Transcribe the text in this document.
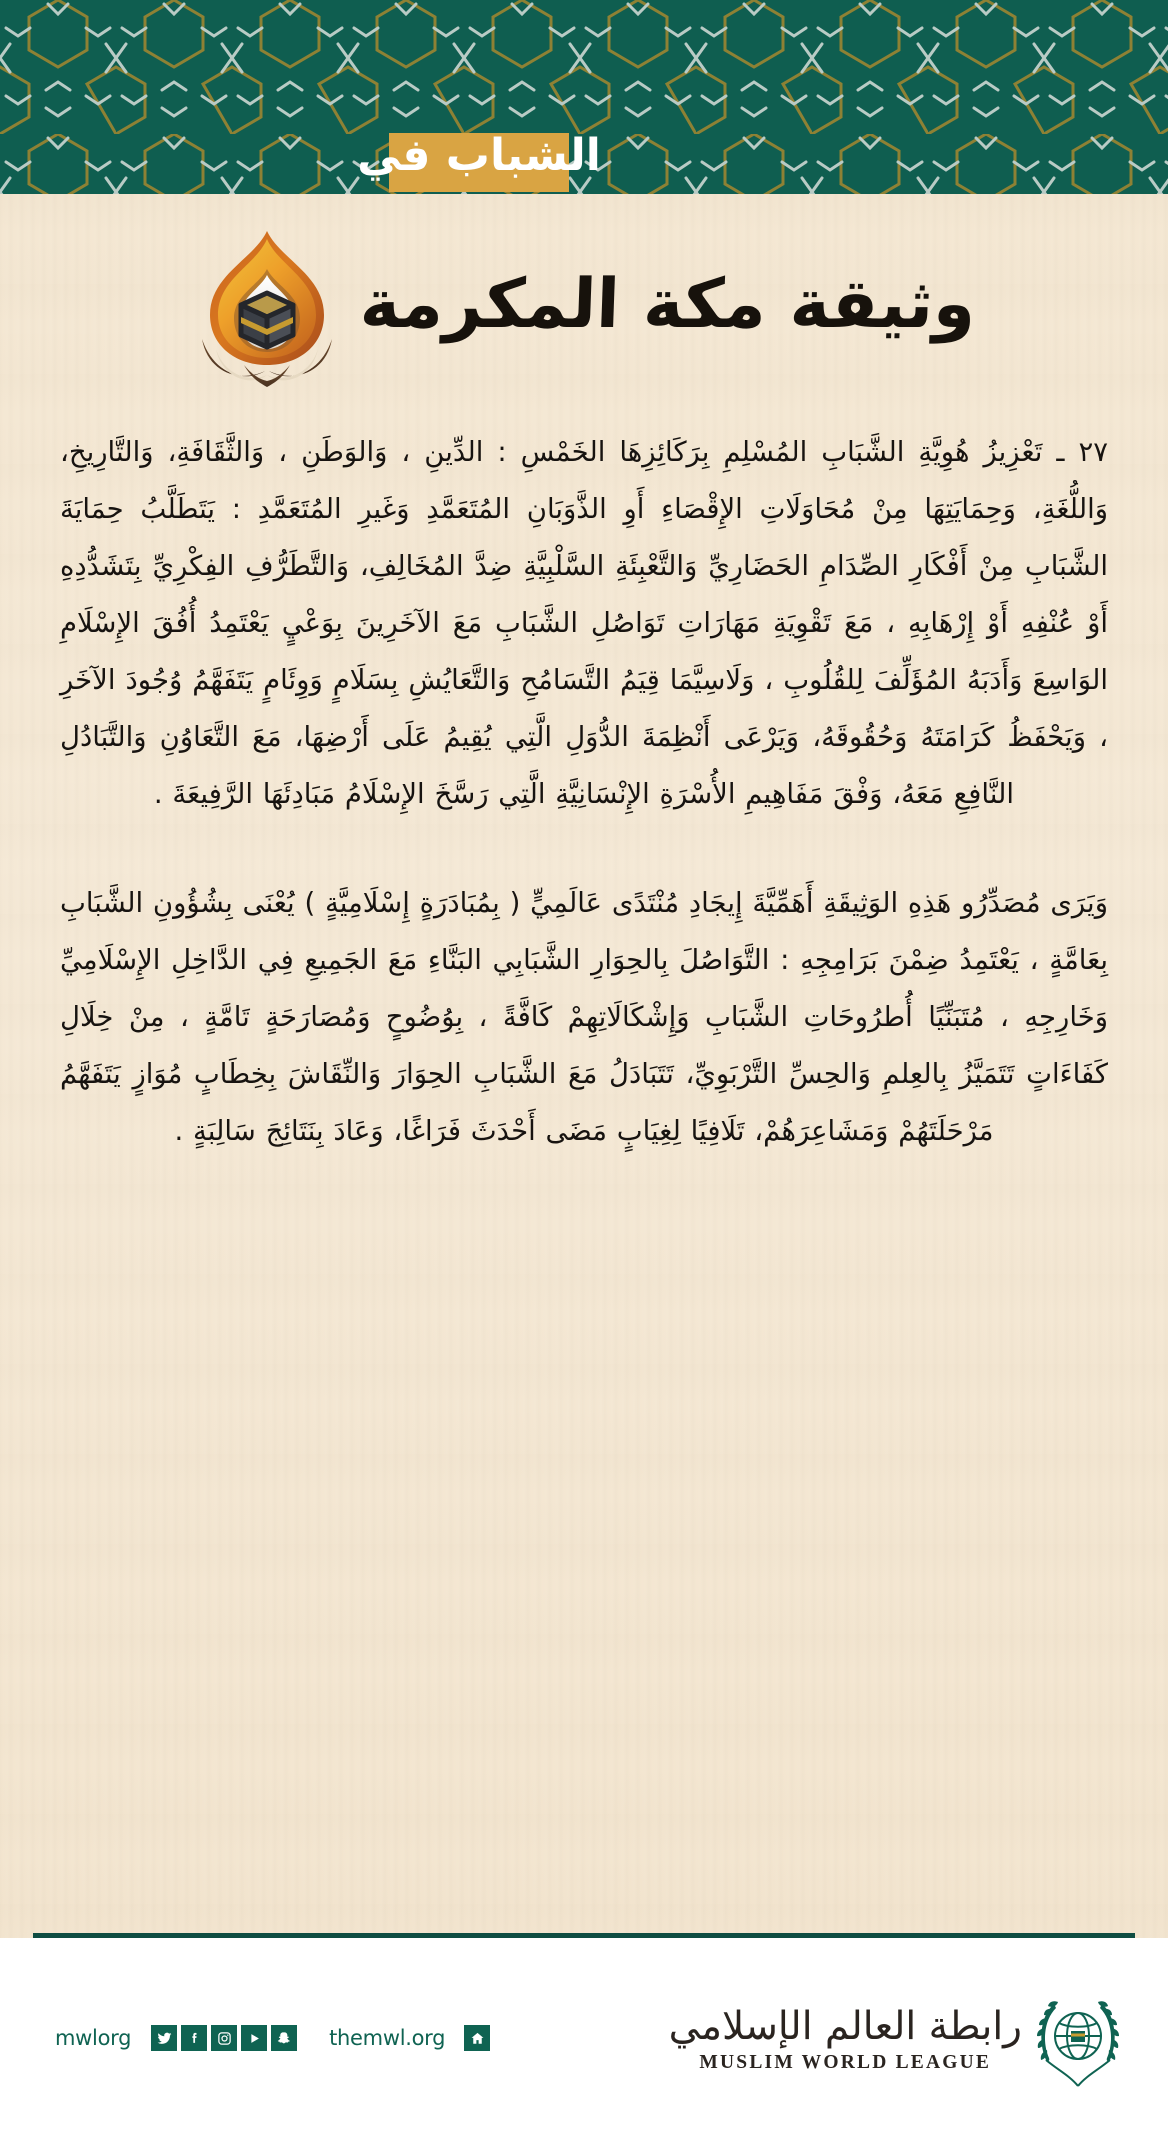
الشباب في
وثيقة مكة المكرمة

٢٧ ـ تَعْزِيزُ هُوِيَّةِ الشَّبَابِ المُسْلِمِ بِرَكَائِزِهَا الخَمْسِ : الدِّينِ ، وَالوَطَنِ ، وَالثَّقَافَةِ، وَالتَّارِيخِ، وَاللُّغَةِ، وَحِمَايَتِهَا مِنْ مُحَاوَلَاتِ الإِقْصَاءِ أَوِ الذَّوَبَانِ المُتَعَمَّدِ وَغَيرِ المُتَعَمَّدِ : يَتَطَلَّبُ حِمَايَةَ الشَّبَابِ مِنْ أَفْكَارِ الصِّدَامِ الحَضَارِيِّ وَالتَّعْبِئَةِ السَّلْبِيَّةِ ضِدَّ المُخَالِفِ، وَالتَّطَرُّفِ الفِكْرِيِّ بِتَشَدُّدِهِ أَوْ عُنْفِهِ أَوْ إِرْهَابِهِ ، مَعَ تَقْوِيَةِ مَهَارَاتِ تَوَاصُلِ الشَّبَابِ مَعَ الآخَرِينَ بِوَعْيٍ يَعْتَمِدُ أُفُقَ الإِسْلَامِ الوَاسِعَ وَأَدَبَهُ المُؤَلِّفَ لِلقُلُوبِ ، وَلَاسِيَّمَا قِيَمُ التَّسَامُحِ وَالتَّعَايُشِ بِسَلَامٍ وَوِئَامٍ يَتَفَهَّمُ وُجُودَ الآخَرِ ، وَيَحْفَظُ كَرَامَتَهُ وَحُقُوقَهُ، وَيَرْعَى أَنْظِمَةَ الدُّوَلِ الَّتِي يُقِيمُ عَلَى أَرْضِهَا، مَعَ التَّعَاوُنِ وَالتَّبَادُلِ النَّافِعِ مَعَهُ، وَفْقَ مَفَاهِيمِ الأُسْرَةِ الإِنْسَانِيَّةِ الَّتِي رَسَّخَ الإِسْلَامُ مَبَادِئَهَا الرَّفِيعَةَ .

وَيَرَى مُصَدِّرُو هَذِهِ الوَثِيقَةِ أَهَمِّيَّةَ إِيجَادِ مُنْتَدًى عَالَمِيٍّ ( بِمُبَادَرَةٍ إِسْلَامِيَّةٍ ) يُعْنَى بِشُؤُونِ الشَّبَابِ بِعَامَّةٍ ، يَعْتَمِدُ ضِمْنَ بَرَامِجِهِ : التَّوَاصُلَ بِالحِوَارِ الشَّبَابِي البَنَّاءِ مَعَ الجَمِيعِ فِي الدَّاخِلِ الإِسْلَامِيِّ وَخَارِجِهِ ، مُتَبَنِّيًا أُطرُوحَاتِ الشَّبَابِ وَإِشْكَالَاتِهِمْ كَافَّةً ، بِوُضُوحٍ وَمُصَارَحَةٍ تَامَّةٍ ، مِنْ خِلَالِ كَفَاءَاتٍ تَتَمَيَّزُ بِالعِلمِ وَالحِسِّ التَّرْبَوِيِّ، تَتَبَادَلُ مَعَ الشَّبَابِ الحِوَارَ وَالنِّقَاشَ بِخِطَابٍ مُوَازٍ يَتَفَهَّمُ مَرْحَلَتَهُمْ وَمَشَاعِرَهُمْ، تَلَافِيًا لِغِيَابٍ مَضَى أَحْدَثَ فَرَاغًا، وَعَادَ بِنَتَائِجَ سَالِبَةٍ .

mwlorg	themwl.org	رابطة العالم الإسلامي
MUSLIM WORLD LEAGUE
